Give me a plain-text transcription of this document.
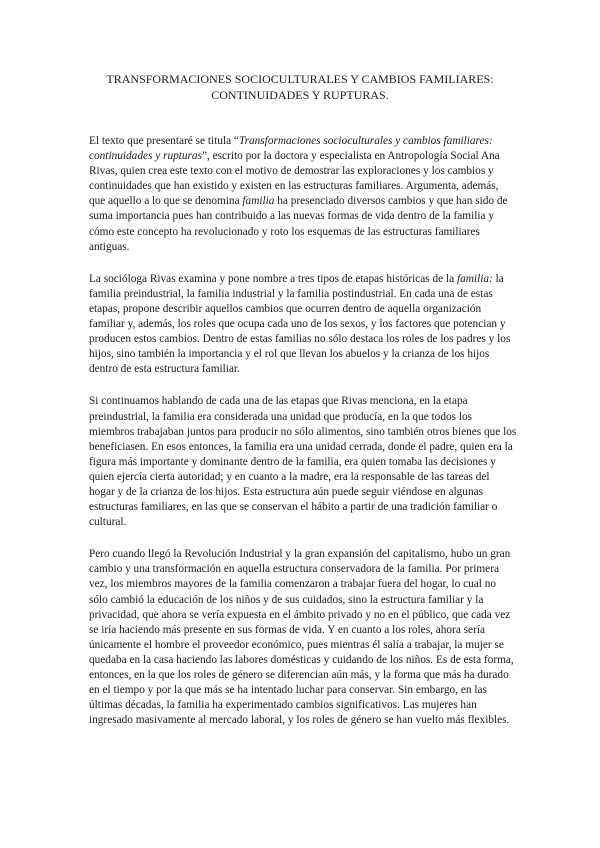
TRANSFORMACIONES SOCIOCULTURALES Y CAMBIOS FAMILIARES:
CONTINUIDADES Y RUPTURAS.

El texto que presentaré se titula “Transformaciones socioculturales y cambios familiares: continuidades y rupturas”, escrito por la doctora y especialista en Antropología Social Ana Rivas, quien crea este texto con el motivo de demostrar las exploraciones y los cambios y continuidades que han existido y existen en las estructuras familiares. Argumenta, además, que aquello a lo que se denomina familia ha presenciado diversos cambios y que han sido de suma importancia pues han contribuido a las nuevas formas de vida dentro de la familia y cómo este concepto ha revolucionado y roto los esquemas de las estructuras familiares antiguas.

La socióloga Rivas examina y pone nombre a tres tipos de etapas históricas de la familia: la familia preindustrial, la familia industrial y la familia postindustrial. En cada una de estas etapas, propone describir aquellos cambios que ocurren dentro de aquella organización familiar y, además, los roles que ocupa cada uno de los sexos, y los factores que potencian y producen estos cambios. Dentro de estas familias no sólo destaca los roles de los padres y los hijos, sino también la importancia y el rol que llevan los abuelos y la crianza de los hijos dentro de esta estructura familiar.

Si continuamos hablando de cada una de las etapas que Rivas menciona, en la etapa preindustrial, la familia era considerada una unidad que producía, en la que todos los miembros trabajaban juntos para producir no sólo alimentos, sino también otros bienes que los beneficiasen. En esos entonces, la familia era una unidad cerrada, donde el padre, quien era la figura más importante y dominante dentro de la familia, era quien tomaba las decisiones y quien ejercía cierta autoridad; y en cuanto a la madre, era la responsable de las tareas del hogar y de la crianza de los hijos. Esta estructura aún puede seguir viéndose en algunas estructuras familiares, en las que se conservan el hábito a partir de una tradición familiar o cultural.

Pero cuando llegó la Revolución Industrial y la gran expansión del capitalismo, hubo un gran cambio y una transformación en aquella estructura conservadora de la familia. Por primera vez, los miembros mayores de la familia comenzaron a trabajar fuera del hogar, lo cual no sólo cambió la educación de los niños y de sus cuidados, sino la estructura familiar y la privacidad, que ahora se vería expuesta en el ámbito privado y no en el público, que cada vez se iría haciendo más presente en sus formas de vida. Y en cuanto a los roles, ahora sería únicamente el hombre el proveedor económico, pues mientras él salía a trabajar, la mujer se quedaba en la casa haciendo las labores domésticas y cuidando de los niños. Es de esta forma, entonces, en la que los roles de género se diferencian aún más, y la forma que más ha durado en el tiempo y por la que más se ha intentado luchar para conservar. Sin embargo, en las últimas décadas, la familia ha experimentado cambios significativos. Las mujeres han ingresado masivamente al mercado laboral, y los roles de género se han vuelto más flexibles.
